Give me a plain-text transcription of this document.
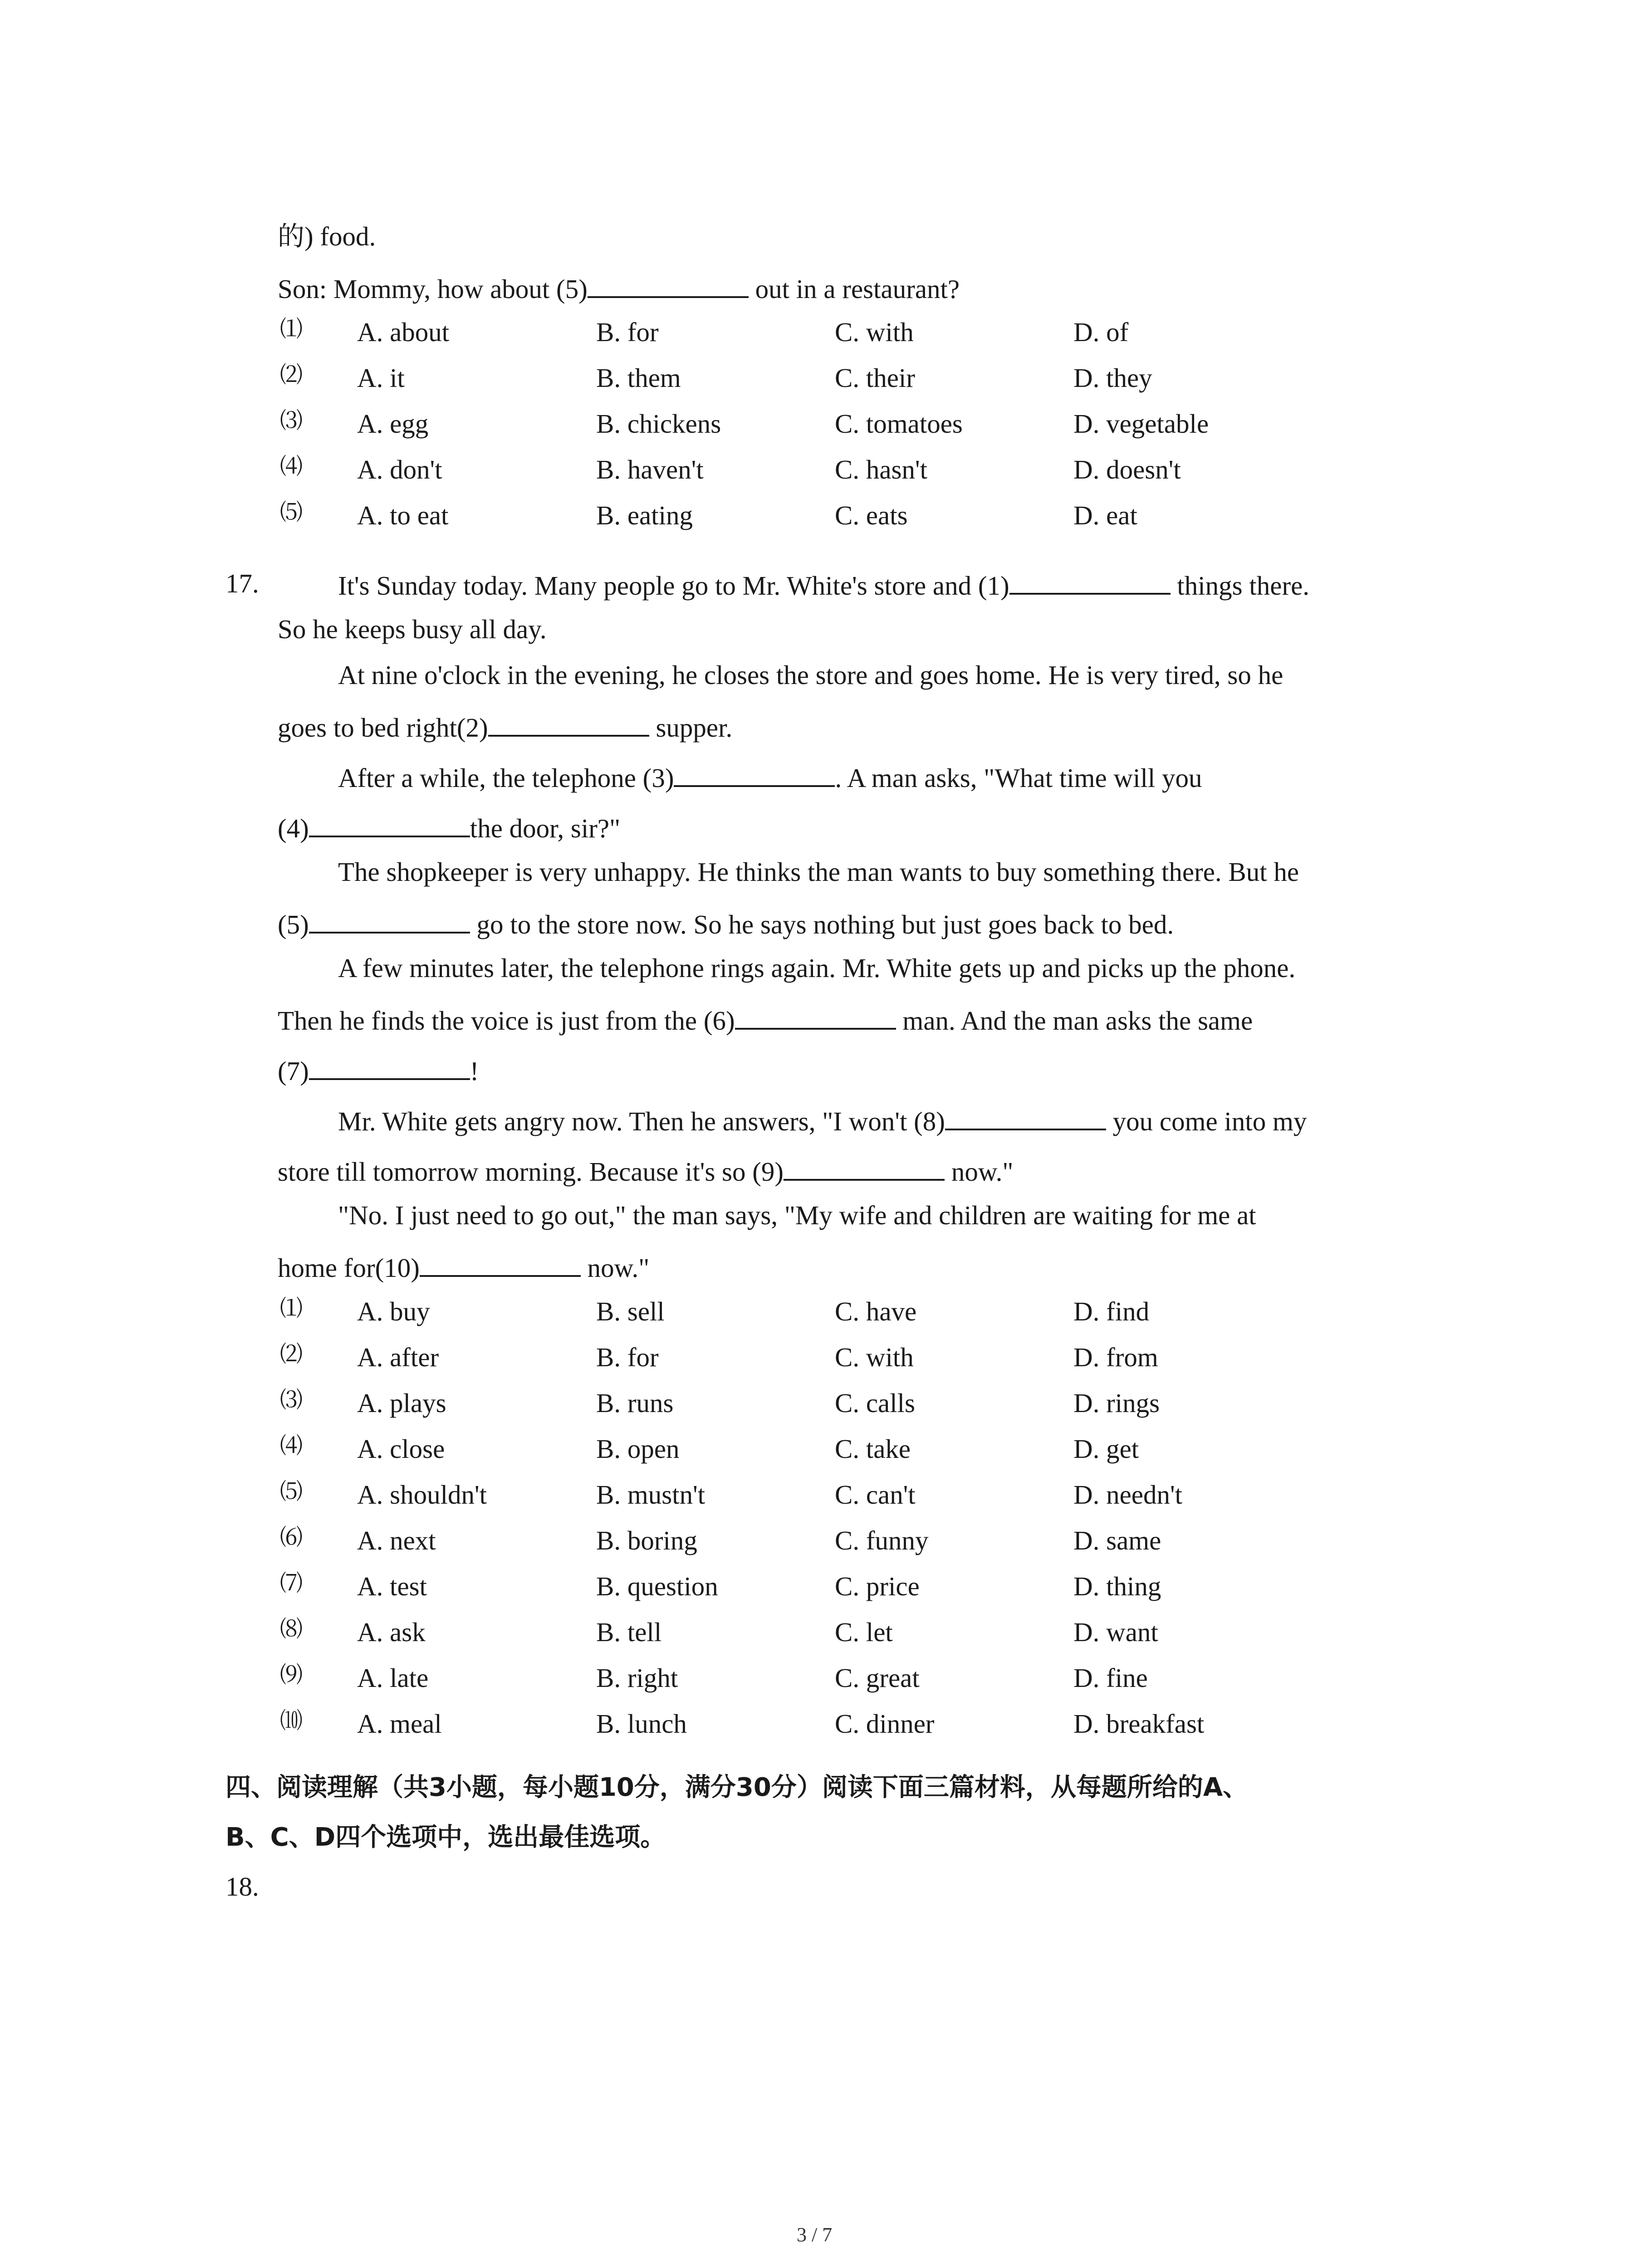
的) food.
Son: Mommy, how about (5)	out in a restaurant?
⑴ A. about	B. for	C. with	D. of
⑵ A. it	B. them	C. their	D. they
⑶ A. egg	B. chickens	C. tomatoes	D. vegetable
⑷ A. don't	B. haven't	C. hasn't	D. doesn't
⑸ A. to eat	B. eating	C. eats	D. eat
17.	It's Sunday today. Many people go to Mr. White's store and (1)	things there.
So he keeps busy all day.
At nine o'clock in the evening, he closes the store and goes home. He is very tired, so he
goes to bed right(2)	supper.
After a while, the telephone (3)	. A man asks, "What time will you
(4)	the door, sir?"
The shopkeeper is very unhappy. He thinks the man wants to buy something there. But he
(5)	go to the store now. So he says nothing but just goes back to bed.
A few minutes later, the telephone rings again. Mr. White gets up and picks up the phone.
Then he finds the voice is just from the (6)	man. And the man asks the same
(7)	!
Mr. White gets angry now. Then he answers, "I won't (8)	you come into my
store till tomorrow morning. Because it's so (9)	now."
"No. I just need to go out," the man says, "My wife and children are waiting for me at
home for(10)	now."
⑴ A. buy	B. sell	C. have	D. find
⑵ A. after	B. for	C. with	D. from
⑶ A. plays	B. runs	C. calls	D. rings
⑷ A. close	B. open	C. take	D. get
⑸ A. shouldn't	B. mustn't	C. can't	D. needn't
⑹ A. next	B. boring	C. funny	D. same
⑺ A. test	B. question	C. price	D. thing
⑻ A. ask	B. tell	C. let	D. want
⑼ A. late	B. right	C. great	D. fine
⑽ A. meal	B. lunch	C. dinner	D. breakfast
四、阅读理解（共3小题，每小题10分，满分30分）阅读下面三篇材料，从每题所给的A、
B、C、D四个选项中，选出最佳选项。
18.
3 / 7
